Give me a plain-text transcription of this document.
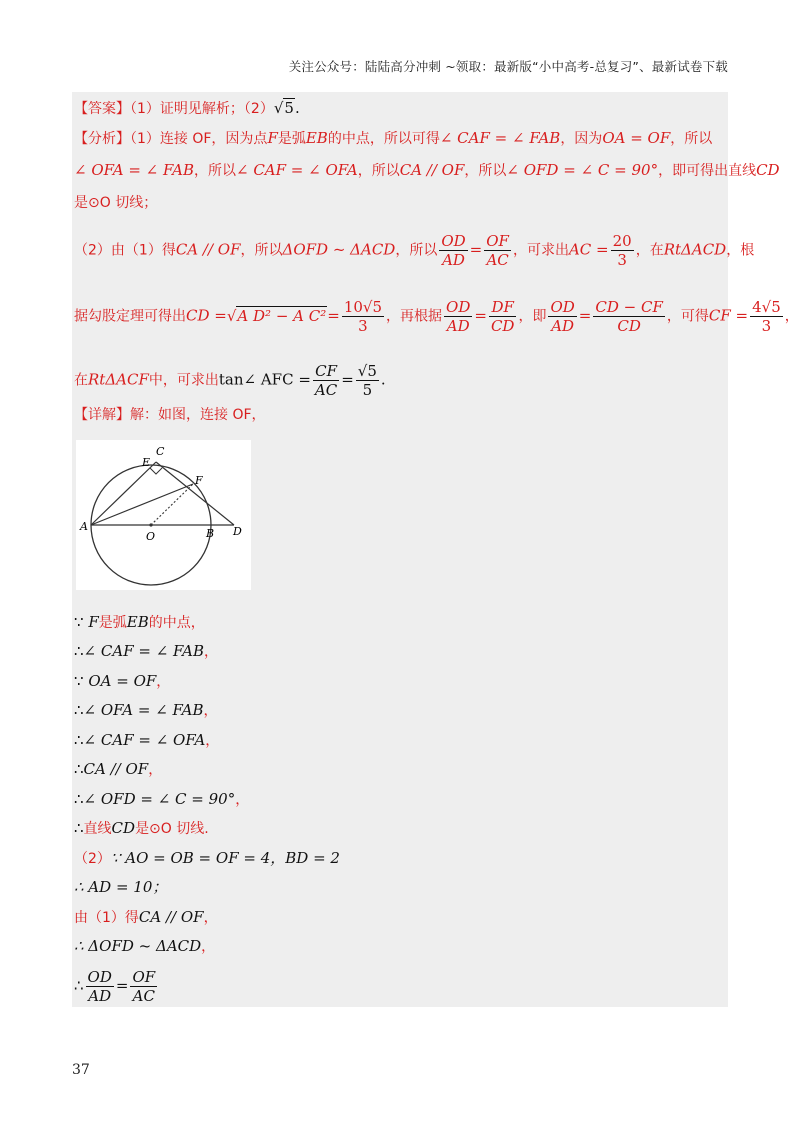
关注公众号：陆陆高分冲刺 ~领取：最新版“小中高考-总复习”、最新试卷下载
【答案】（1）证明见解析；（2）√5.
【分析】（1）连接 OF，因为点F是弧EB的中点，所以可得∠ CAF = ∠ FAB，因为OA = OF，所以
∠ OFA = ∠ FAB，所以∠ CAF = ∠ OFA，所以CA // OF，所以∠ OFD = ∠ C = 90°，即可得出直线CD
是⊙O 切线；
（2）由（1）得CA // OF，所以ΔOFD ~ ΔACD，所以 $\frac{OD}{AD} = \frac{OF}{AC}$ ，可求出AC = $\frac{20}{3}$ ，在RtΔACD，根
据勾股定理可得出CD =√A D² − A $C^2= \frac{10√5}{3}$ ，再根据 $\frac{OD}{AD} = \frac{DF}{CD}$ ，即 $\frac{OD}{AD} = \frac{CD - CF}{CD}$ ，可得CF = $\frac{4√5}{3}$ ，
在RtΔACF中，可求出tan∠ AFC = $\frac{CF}{AC} = \frac{√5}{5}$ .
【详解】解：如图，连接 OF，
C
E
F
A
O	B D
∵ F是弧EB的中点，
∴∠ CAF = ∠ FAB，
∵ OA = OF，
∴∠ OFA = ∠ FAB，
∴∠ CAF = ∠ OFA，
∴CA // OF，
∴∠ OFD = ∠ C = 90°，
∴直线CD是⊙O 切线.
（2）∵ AO = OB = OF = 4，BD = 2
∴ AD = 10；
由（1）得CA // OF，
∴ ΔOFD ~ ΔACD，
∴ $\frac{OD}{AD} = \frac{OF}{AC}$
37
